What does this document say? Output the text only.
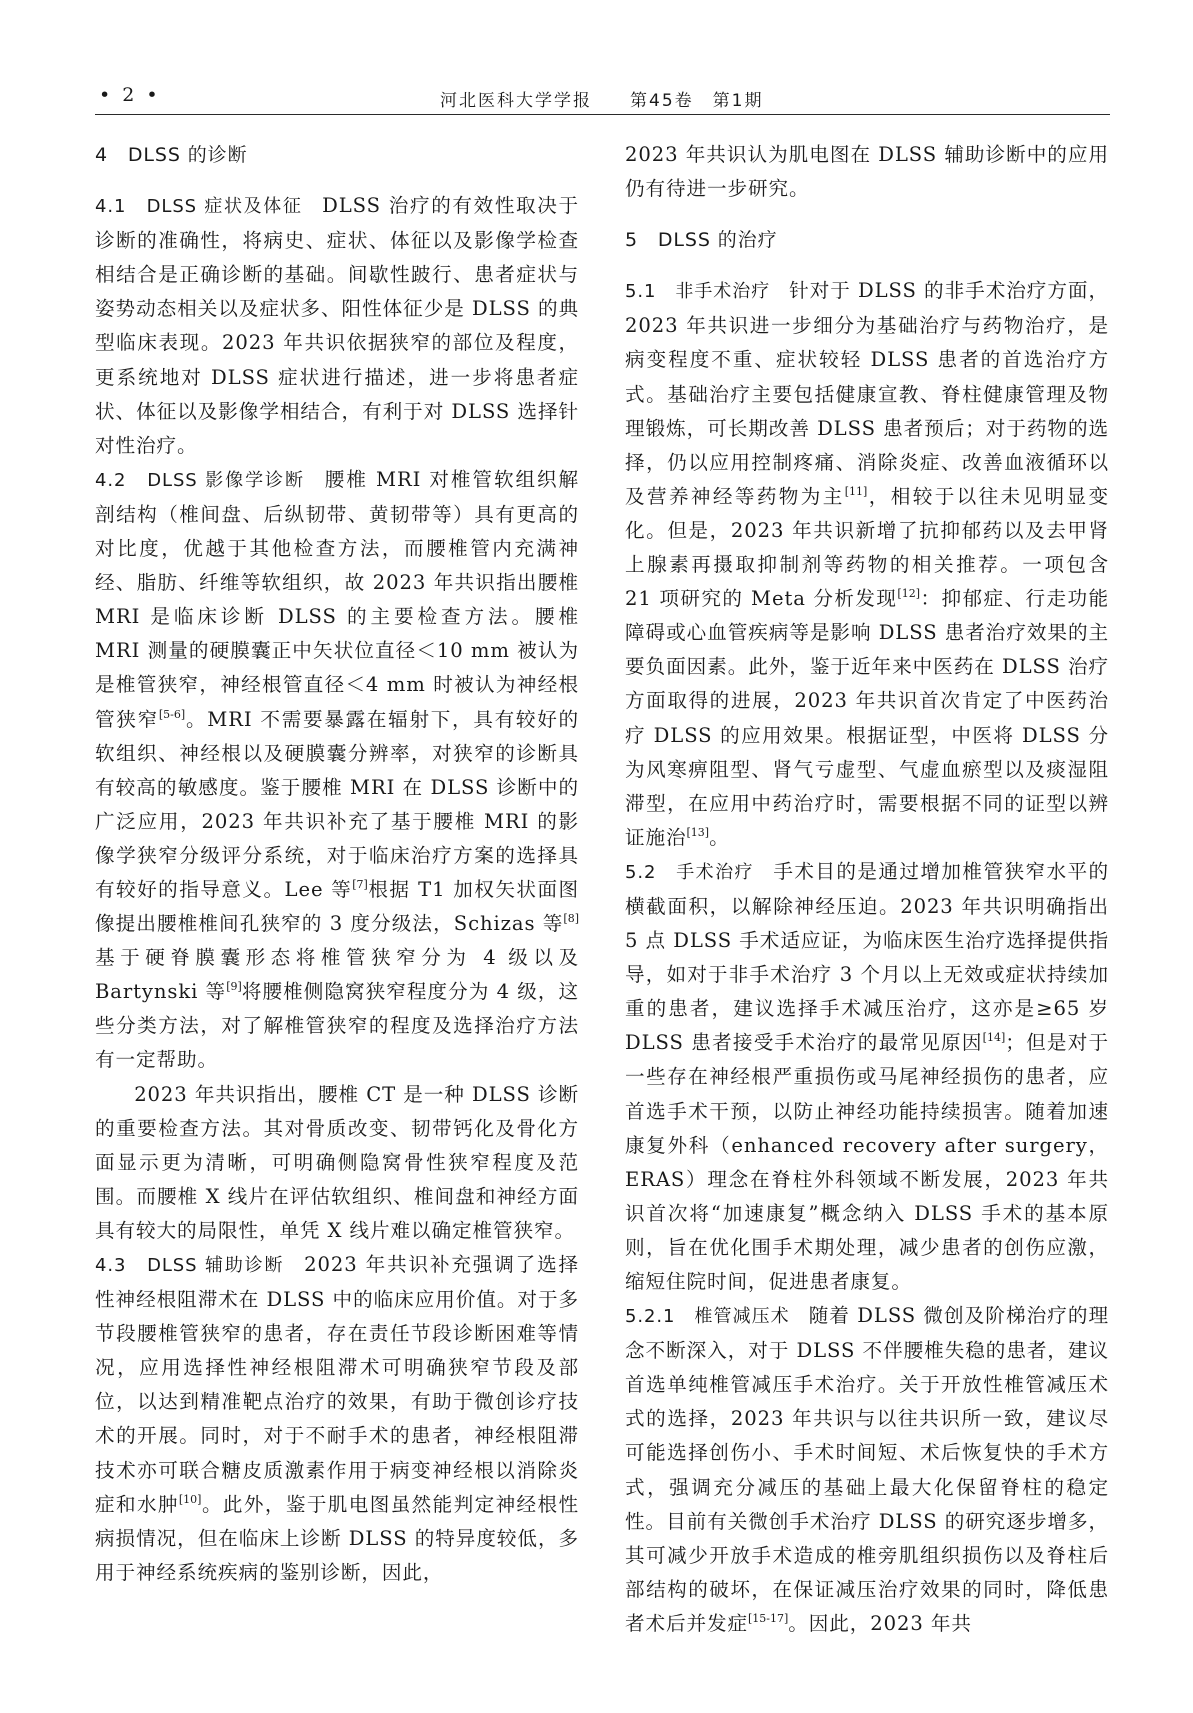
• 2 •	河北医科大学学报　　第45卷　第1期

4　DLSS 的诊断

4.1　DLSS 症状及体征　DLSS 治疗的有效性取决于诊断的准确性，将病史、症状、体征以及影像学检查相结合是正确诊断的基础。间歇性跛行、患者症状与姿势动态相关以及症状多、阳性体征少是 DLSS 的典型临床表现。2023 年共识依据狭窄的部位及程度，更系统地对 DLSS 症状进行描述，进一步将患者症状、体征以及影像学相结合，有利于对 DLSS 选择针对性治疗。

4.2　DLSS 影像学诊断　腰椎 MRI 对椎管软组织解剖结构（椎间盘、后纵韧带、黄韧带等）具有更高的对比度，优越于其他检查方法，而腰椎管内充满神经、脂肪、纤维等软组织，故 2023 年共识指出腰椎 MRI 是临床诊断 DLSS 的主要检查方法。腰椎 MRI 测量的硬膜囊正中矢状位直径＜10 mm 被认为是椎管狭窄，神经根管直径＜4 mm 时被认为神经根管狭窄[5-6]。MRI 不需要暴露在辐射下，具有较好的软组织、神经根以及硬膜囊分辨率，对狭窄的诊断具有较高的敏感度。鉴于腰椎 MRI 在 DLSS 诊断中的广泛应用，2023 年共识补充了基于腰椎 MRI 的影像学狭窄分级评分系统，对于临床治疗方案的选择具有较好的指导意义。Lee 等[7]根据 T1 加权矢状面图像提出腰椎椎间孔狭窄的 3 度分级法，Schizas 等[8]基于硬脊膜囊形态将椎管狭窄分为 4 级以及 Bartynski 等[9]将腰椎侧隐窝狭窄程度分为 4 级，这些分类方法，对了解椎管狭窄的程度及选择治疗方法有一定帮助。

2023 年共识指出，腰椎 CT 是一种 DLSS 诊断的重要检查方法。其对骨质改变、韧带钙化及骨化方面显示更为清晰，可明确侧隐窝骨性狭窄程度及范围。而腰椎 X 线片在评估软组织、椎间盘和神经方面具有较大的局限性，单凭 X 线片难以确定椎管狭窄。

4.3　DLSS 辅助诊断　2023 年共识补充强调了选择性神经根阻滞术在 DLSS 中的临床应用价值。对于多节段腰椎管狭窄的患者，存在责任节段诊断困难等情况，应用选择性神经根阻滞术可明确狭窄节段及部位，以达到精准靶点治疗的效果，有助于微创诊疗技术的开展。同时，对于不耐手术的患者，神经根阻滞技术亦可联合糖皮质激素作用于病变神经根以消除炎症和水肿[10]。此外，鉴于肌电图虽然能判定神经根性病损情况，但在临床上诊断 DLSS 的特异度较低，多用于神经系统疾病的鉴别诊断，因此，

2023 年共识认为肌电图在 DLSS 辅助诊断中的应用仍有待进一步研究。

5　DLSS 的治疗

5.1　非手术治疗　针对于 DLSS 的非手术治疗方面，2023 年共识进一步细分为基础治疗与药物治疗，是病变程度不重、症状较轻 DLSS 患者的首选治疗方式。基础治疗主要包括健康宣教、脊柱健康管理及物理锻炼，可长期改善 DLSS 患者预后；对于药物的选择，仍以应用控制疼痛、消除炎症、改善血液循环以及营养神经等药物为主[11]，相较于以往未见明显变化。但是，2023 年共识新增了抗抑郁药以及去甲肾上腺素再摄取抑制剂等药物的相关推荐。一项包含 21 项研究的 Meta 分析发现[12]：抑郁症、行走功能障碍或心血管疾病等是影响 DLSS 患者治疗效果的主要负面因素。此外，鉴于近年来中医药在 DLSS 治疗方面取得的进展，2023 年共识首次肯定了中医药治疗 DLSS 的应用效果。根据证型，中医将 DLSS 分为风寒痹阻型、肾气亏虚型、气虚血瘀型以及痰湿阻滞型，在应用中药治疗时，需要根据不同的证型以辨证施治[13]。

5.2　手术治疗　手术目的是通过增加椎管狭窄水平的横截面积，以解除神经压迫。2023 年共识明确指出 5 点 DLSS 手术适应证，为临床医生治疗选择提供指导，如对于非手术治疗 3 个月以上无效或症状持续加重的患者，建议选择手术减压治疗，这亦是≥65 岁 DLSS 患者接受手术治疗的最常见原因[14]；但是对于一些存在神经根严重损伤或马尾神经损伤的患者，应首选手术干预，以防止神经功能持续损害。随着加速康复外科（enhanced recovery after surgery，ERAS）理念在脊柱外科领域不断发展，2023 年共识首次将“加速康复”概念纳入 DLSS 手术的基本原则，旨在优化围手术期处理，减少患者的创伤应激，缩短住院时间，促进患者康复。

5.2.1　椎管减压术　随着 DLSS 微创及阶梯治疗的理念不断深入，对于 DLSS 不伴腰椎失稳的患者，建议首选单纯椎管减压手术治疗。关于开放性椎管减压术式的选择，2023 年共识与以往共识所一致，建议尽可能选择创伤小、手术时间短、术后恢复快的手术方式，强调充分减压的基础上最大化保留脊柱的稳定性。目前有关微创手术治疗 DLSS 的研究逐步增多，其可减少开放手术造成的椎旁肌组织损伤以及脊柱后部结构的破坏，在保证减压治疗效果的同时，降低患者术后并发症[15-17]。因此，2023 年共
